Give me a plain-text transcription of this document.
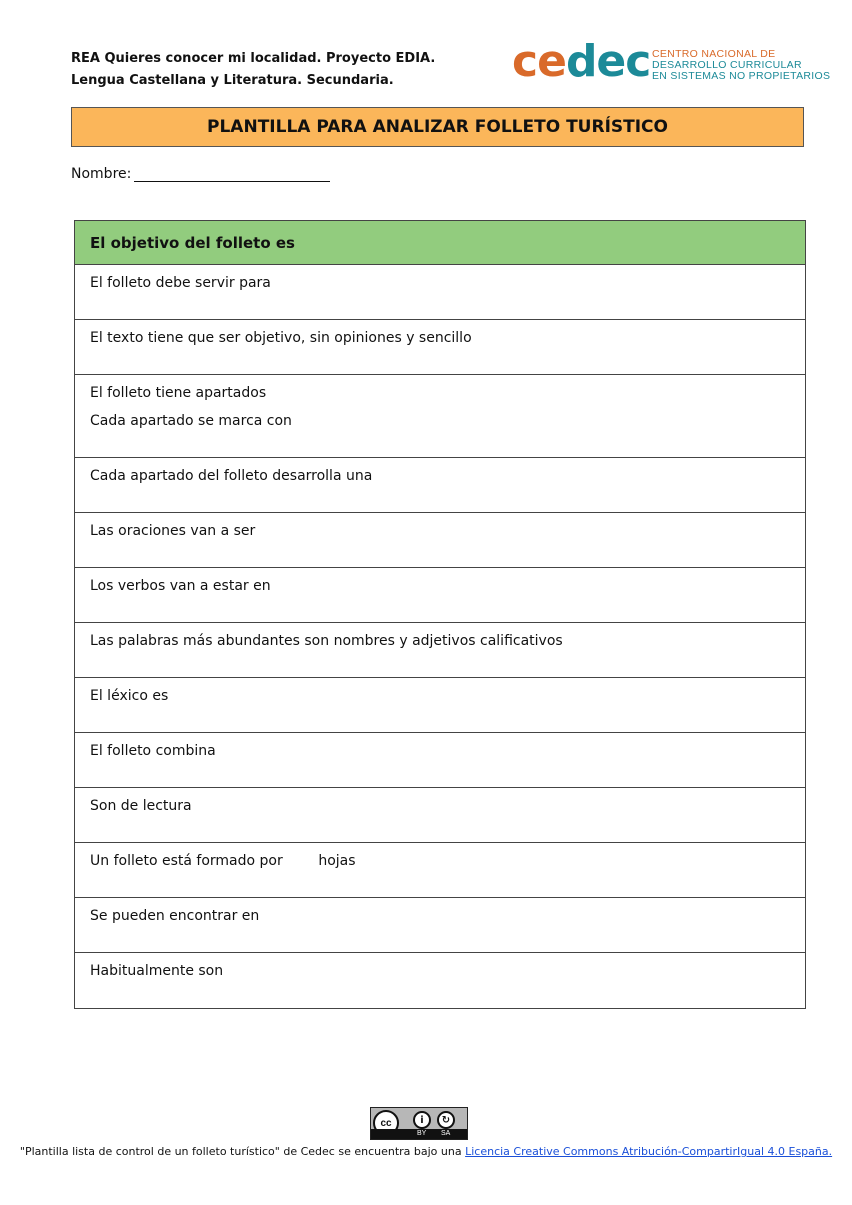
REA Quieres conocer mi localidad. Proyecto EDIA.
Lengua Castellana y Literatura. Secundaria.	cedec CENTRO NACIONAL DE
DESARROLLO CURRICULAR
EN SISTEMAS NO PROPIETARIOS
PLANTILLA PARA ANALIZAR FOLLETO TURÍSTICO
Nombre:
El objetivo del folleto es
El folleto debe servir para
El texto tiene que ser objetivo, sin opiniones y sencillo
El folleto tiene apartados
Cada apartado se marca con
Cada apartado del folleto desarrolla una
Las oraciones van a ser
Los verbos van a estar en
Las palabras más abundantes son nombres y adjetivos calificativos
El léxico es
El folleto combina
Son de lectura
Un folleto está formado por        hojas
Se pueden encontrar en
Habitualmente son
cc	i	↻
BY SA
"Plantilla lista de control de un folleto turístico" de Cedec se encuentra bajo una Licencia Creative Commons Atribución-CompartirIgual 4.0 España.
